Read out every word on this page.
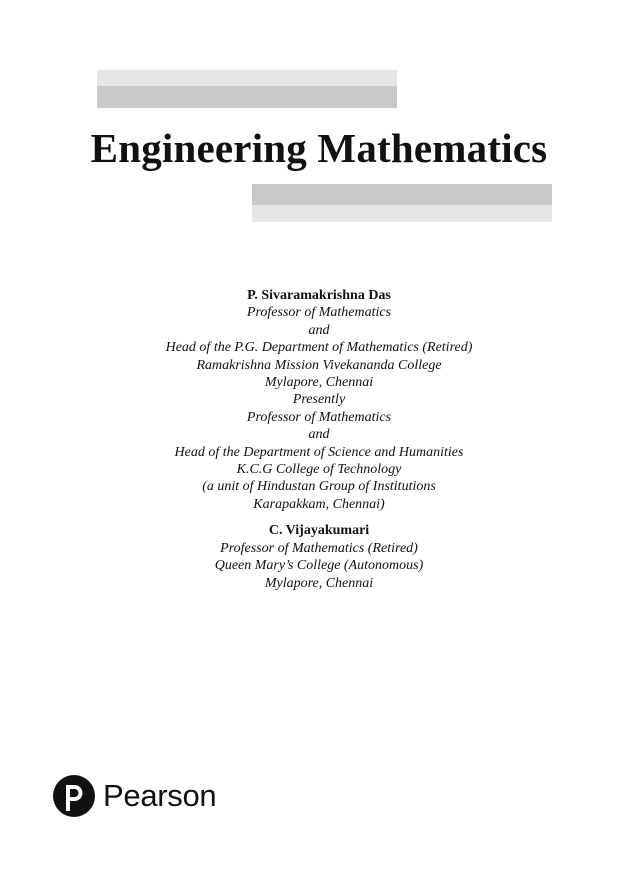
Engineering Mathematics
P. Sivaramakrishna Das
Professor of Mathematics
and
Head of the P.G. Department of Mathematics (Retired)
Ramakrishna Mission Vivekananda College
Mylapore, Chennai
Presently
Professor of Mathematics
and
Head of the Department of Science and Humanities
K.C.G College of Technology
(a unit of Hindustan Group of Institutions
Karapakkam, Chennai)
C. Vijayakumari
Professor of Mathematics (Retired)
Queen Mary’s College (Autonomous)
Mylapore, Chennai
Pearson
